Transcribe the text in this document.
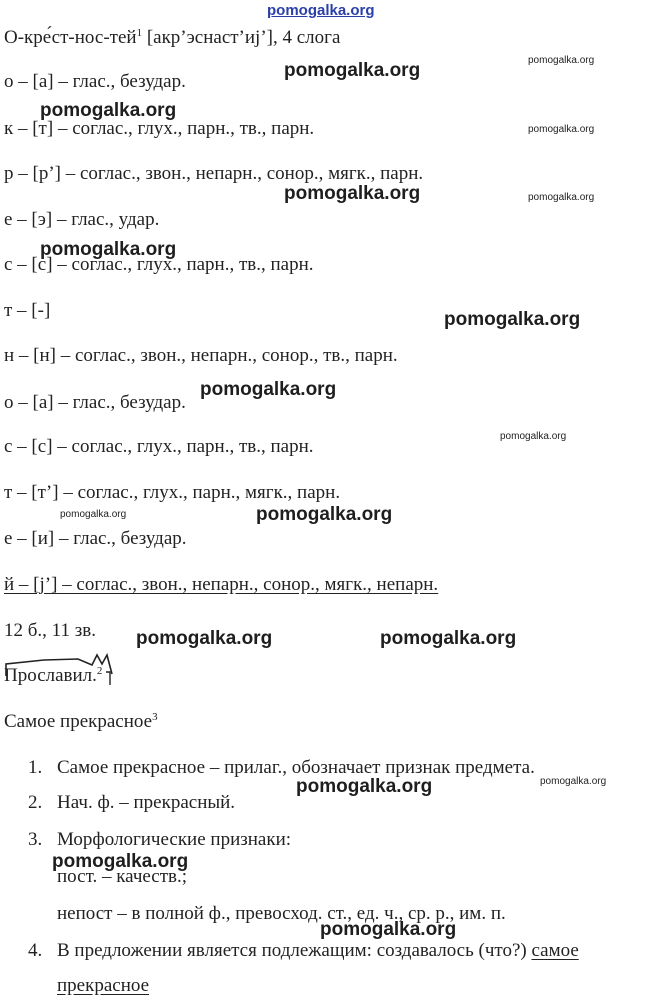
pomogalka.org
О-кре́ст-нос-тей$^1$ [акр’эснаст’иj’], 4 слога
о – [а] – глас., безудар.
к – [т] – соглас., глух., парн., тв., парн.
р – [р’] – соглас., звон., непарн., сонор., мягк., парн.
е – [э] – глас., удар.
с – [с] – соглас., глух., парн., тв., парн.
т – [-]
н – [н] – соглас., звон., непарн., сонор., тв., парн.
о – [а] – глас., безудар.
с – [с] – соглас., глух., парн., тв., парн.
т – [т’] – соглас., глух., парн., мягк., парн.
е – [и] – глас., безудар.
й – [j’] – соглас., звон., непарн., сонор., мягк., непарн.
12 б., 11 зв.
Прославил.$^2$
Самое прекрасное$^3$
1. Самое прекрасное – прилаг., обозначает признак предмета.
2. Нач. ф. – прекрасный.
3. Морфологические признаки:
пост. – качеств.;
непост – в полной ф., превосход. ст., ед. ч., ср. р., им. п.
4. В предложении является подлежащим: создавалось (что?) самое
прекрасное
pomogalka.org	pomogalka.org
pomogalka.org
pomogalka.org
pomogalka.org	pomogalka.org
pomogalka.org
pomogalka.org
pomogalka.org
pomogalka.org
pomogalka.org	pomogalka.org
pomogalka.org	pomogalka.org
pomogalka.org	pomogalka.org
pomogalka.org
pomogalka.org
